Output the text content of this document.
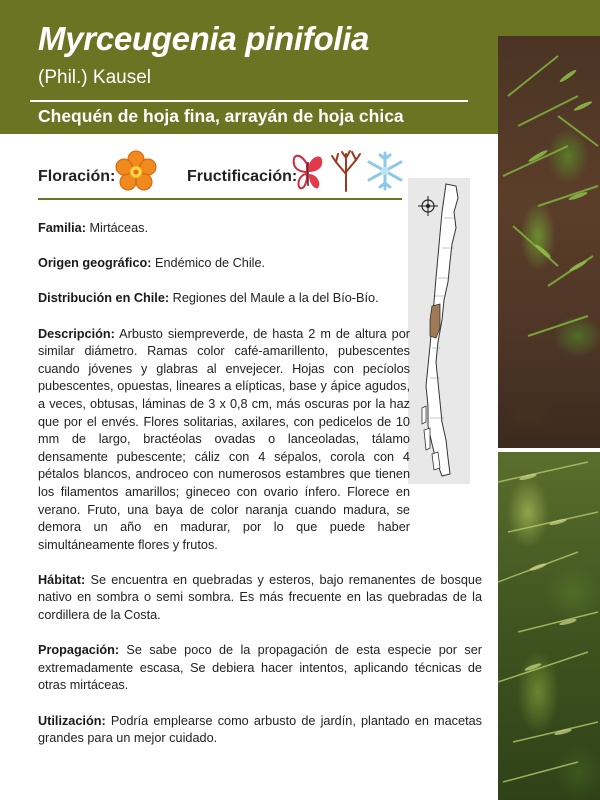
Myrceugenia pinifolia
(Phil.) Kausel
Chequén de hoja fina, arrayán de hoja chica
Floración:	Fructificación:

Familia: Mirtáceas.

Origen geográfico: Endémico de Chile.

Distribución en Chile: Regiones del Maule a la del Bío-Bío.

Descripción: Arbusto siempreverde, de hasta 2 m de altura por similar diámetro. Ramas color café-amarillento, pubescentes cuando jóvenes y glabras al envejecer. Hojas con pecíolos pubescentes, opuestas, lineares a elípticas, base y ápice agudos, a veces, obtusas, láminas de 3 x 0,8 cm, más oscuras por la haz que por el envés. Flores solitarias, axilares, con pedicelos de 10 mm de largo, bractéolas ovadas o lanceoladas, tálamo densamente pubescente; cáliz con 4 sépalos, corola con 4 pétalos blancos, androceo con numerosos estambres que tienen los filamentos amarillos; gineceo con ovario ínfero. Florece en verano. Fruto, una baya de color naranja cuando madura, se demora un año en madurar, por lo que puede haber simultáneamente flores y frutos.

Hábitat: Se encuentra en quebradas y esteros, bajo remanentes de bosque nativo en sombra o semi sombra. Es más frecuente en las quebradas de la cordillera de la Costa.

Propagación: Se sabe poco de la propagación de esta especie por ser extremadamente escasa, Se debiera hacer intentos, aplicando técnicas de otras mirtáceas.

Utilización: Podría emplearse como arbusto de jardín, plantado en macetas grandes para un mejor cuidado.
